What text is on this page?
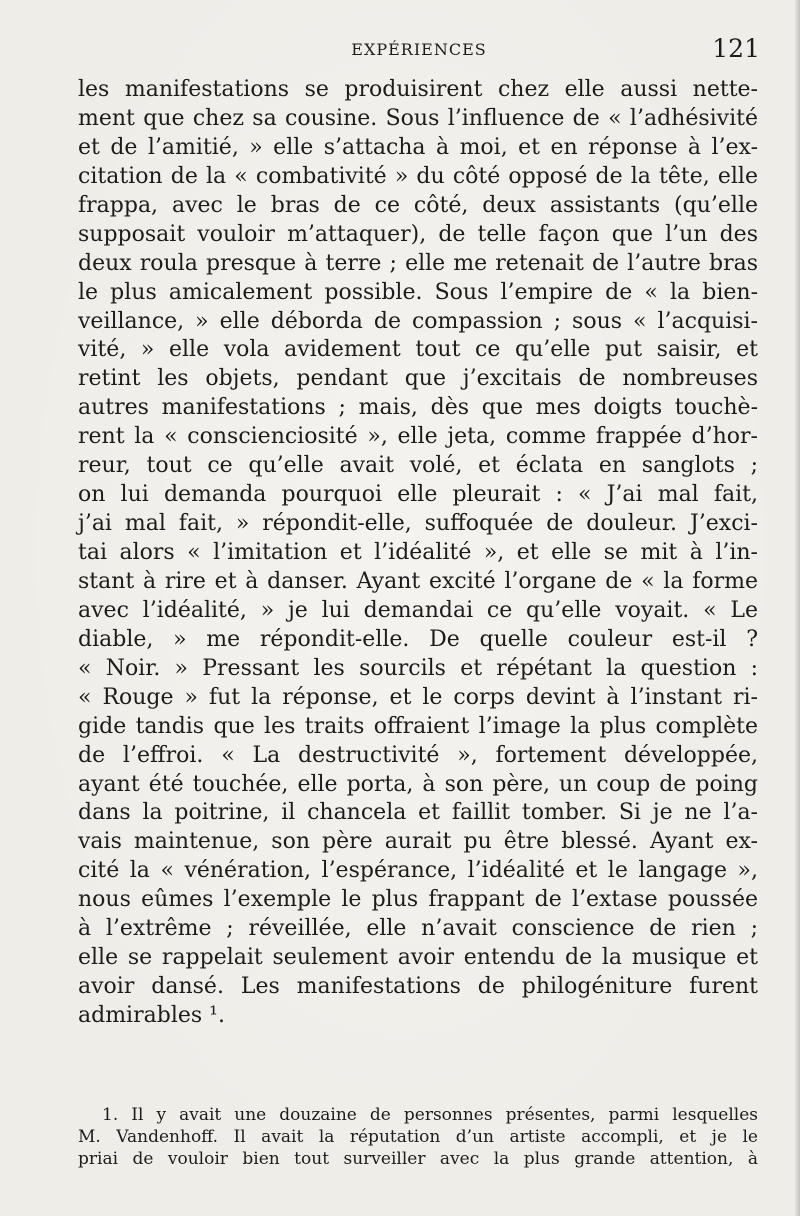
EXPÉRIENCES	121
les manifestations se produisirent chez elle aussi nette-
ment que chez sa cousine. Sous l’influence de « l’adhésivité
et de l’amitié, » elle s’attacha à moi, et en réponse à l’ex-
citation de la « combativité » du côté opposé de la tête, elle
frappa, avec le bras de ce côté, deux assistants (qu’elle
supposait vouloir m’attaquer), de telle façon que l’un des
deux roula presque à terre ; elle me retenait de l’autre bras
le plus amicalement possible. Sous l’empire de « la bien-
veillance, » elle déborda de compassion ; sous « l’acquisi-
vité, » elle vola avidement tout ce qu’elle put saisir, et
retint les objets, pendant que j’excitais de nombreuses
autres manifestations ; mais, dès que mes doigts touchè-
rent la « conscienciosité », elle jeta, comme frappée d’hor-
reur, tout ce qu’elle avait volé, et éclata en sanglots ;
on lui demanda pourquoi elle pleurait : « J’ai mal fait,
j’ai mal fait, » répondit-elle, suffoquée de douleur. J’exci-
tai alors « l’imitation et l’idéalité », et elle se mit à l’in-
stant à rire et à danser. Ayant excité l’organe de « la forme
avec l’idéalité, » je lui demandai ce qu’elle voyait. « Le
diable, » me répondit-elle. De quelle couleur est-il ?
« Noir. » Pressant les sourcils et répétant la question :
« Rouge » fut la réponse, et le corps devint à l’instant ri-
gide tandis que les traits offraient l’image la plus complète
de l’effroi. « La destructivité », fortement développée,
ayant été touchée, elle porta, à son père, un coup de poing
dans la poitrine, il chancela et faillit tomber. Si je ne l’a-
vais maintenue, son père aurait pu être blessé. Ayant ex-
cité la « vénération, l’espérance, l’idéalité et le langage »,
nous eûmes l’exemple le plus frappant de l’extase poussée
à l’extrême ; réveillée, elle n’avait conscience de rien ;
elle se rappelait seulement avoir entendu de la musique et
avoir dansé. Les manifestations de philogéniture furent
admirables ¹.
1. Il y avait une douzaine de personnes présentes, parmi lesquelles
M. Vandenhoff. Il avait la réputation d’un artiste accompli, et je le
priai de vouloir bien tout surveiller avec la plus grande attention, à
